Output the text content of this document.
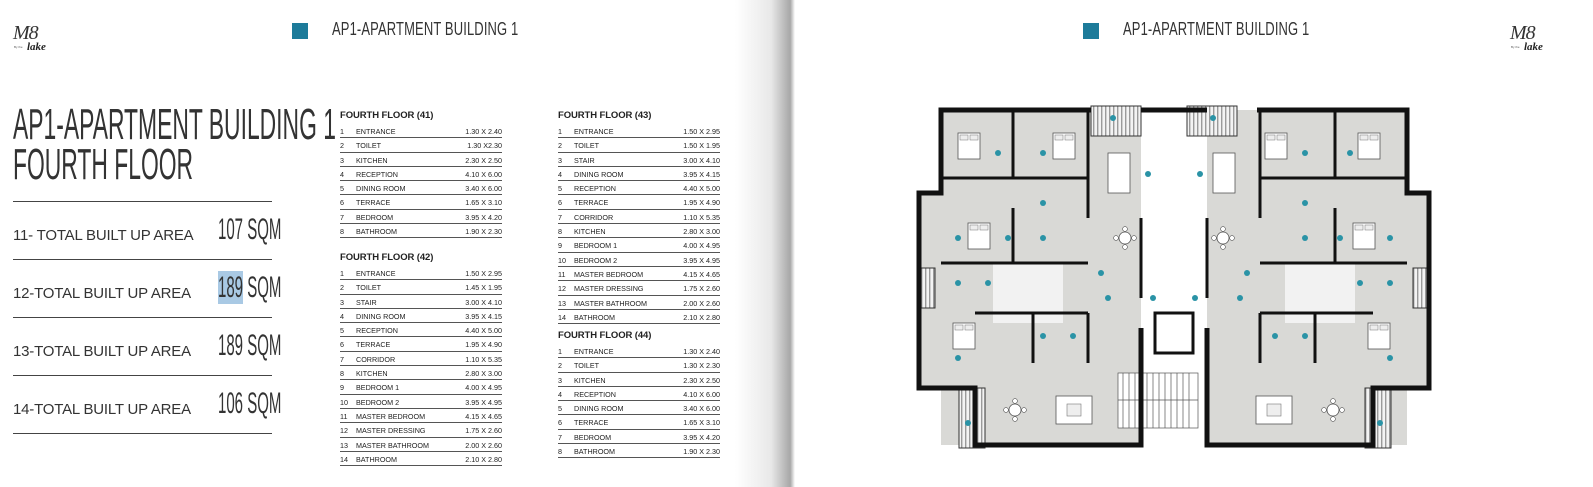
M8
By the lake
AP1-APARTMENT BUILDING 1
AP1-APARTMENT BUILDING 1
FOURTH FLOOR
11- TOTAL BUILT UP AREA 107 SQM
12-TOTAL BUILT UP AREA 189 SQM
13-TOTAL BUILT UP AREA 189 SQM
14-TOTAL BUILT UP AREA 106 SQM
FOURTH FLOOR (41)
1 ENTRANCE	1.30 X 2.40
2 TOILET	1.30 X2.30
3 KITCHEN	2.30 X 2.50
4 RECEPTION	4.10 X 6.00
5 DINING ROOM	3.40 X 6.00
6 TERRACE	1.65 X 3.10
7 BEDROOM	3.95 X 4.20
8 BATHROOM	1.90 X 2.30
FOURTH FLOOR (42)
1 ENTRANCE	1.50 X 2.95
2 TOILET	1.45 X 1.95
3 STAIR	3.00 X 4.10
4 DINING ROOM	3.95 X 4.15
5 RECEPTION	4.40 X 5.00
6 TERRACE	1.95 X 4.90
7 CORRIDOR	1.10 X 5.35
8 KITCHEN	2.80 X 3.00
9 BEDROOM 1	4.00 X 4.95
10 BEDROOM 2	3.95 X 4.95
11 MASTER BEDROOM	4.15 X 4.65
12 MASTER DRESSING	1.75 X 2.60
13 MASTER BATHROOM	2.00 X 2.60
14 BATHROOM	2.10 X 2.80
FOURTH FLOOR (43)
1 ENTRANCE	1.50 X 2.95
2 TOILET	1.50 X 1.95
3 STAIR	3.00 X 4.10
4 DINING ROOM	3.95 X 4.15
5 RECEPTION	4.40 X 5.00
6 TERRACE	1.95 X 4.90
7 CORRIDOR	1.10 X 5.35
8 KITCHEN	2.80 X 3.00
9 BEDROOM 1	4.00 X 4.95
10 BEDROOM 2	3.95 X 4.95
11 MASTER BEDROOM	4.15 X 4.65
12 MASTER DRESSING	1.75 X 2.60
13 MASTER BATHROOM	2.00 X 2.60
14 BATHROOM	2.10 X 2.80
FOURTH FLOOR (44)
1 ENTRANCE	1.30 X 2.40
2 TOILET	1.30 X 2.30
3 KITCHEN	2.30 X 2.50
4 RECEPTION	4.10 X 6.00
5 DINING ROOM	3.40 X 6.00
6 TERRACE	1.65 X 3.10
7 BEDROOM	3.95 X 4.20
8 BATHROOM	1.90 X 2.30
AP1-APARTMENT BUILDING 1	M8
By the lake
